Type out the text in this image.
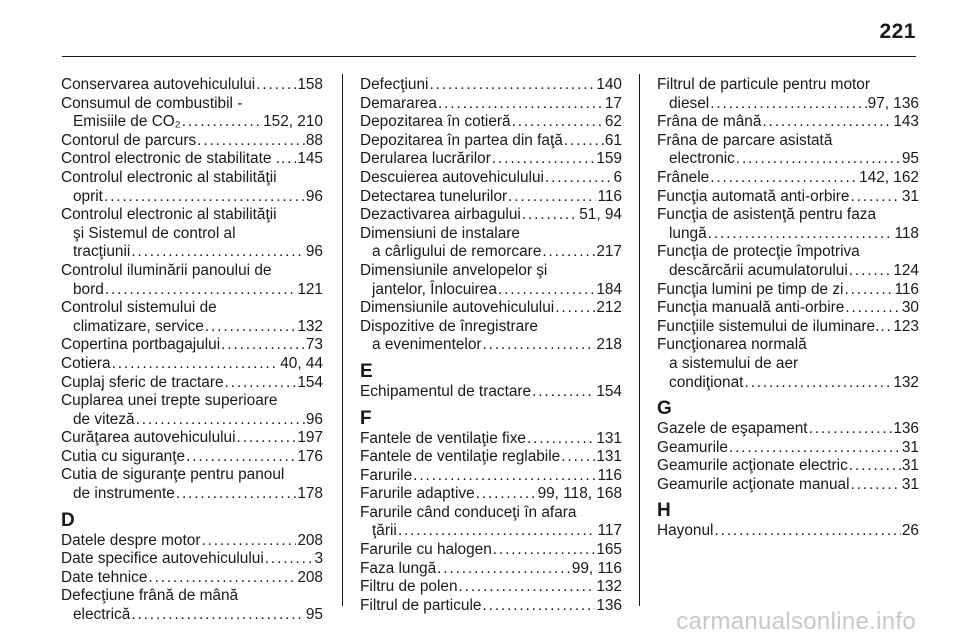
221
Conservarea autovehiculului . . .	158
Consumul de combustibil -
Emisiile de CO₂ . . .	152, 210
Contorul de parcurs . . .	88
Control electronic de stabilitate . . . . 145
Controlul electronic al stabilităţii
oprit . . .	96
Controlul electronic al stabilităţii
şi Sistemul de control al
tracţiunii . . .	96
Controlul iluminării panoului de
bord . . .	121
Controlul sistemului de
climatizare, service . . .	132
Copertina portbagajului . . .	73
Cotiera . . .	40, 44
Cuplaj sferic de tractare . . .	154
Cuplarea unei trepte superioare
de viteză . . .	96
Curăţarea autovehiculului . . .	197
Cutia cu siguranţe . . .	176
Cutia de siguranţe pentru panoul
de instrumente . . .	178
D
Datele despre motor . . .	208
Date specifice autovehiculului . . .	3
Date tehnice . . .	208
Defecţiune frână de mână
electrică . . .	95
Defecţiuni . . .	140
Demararea . . .	17
Depozitarea în cotieră . . .	62
Depozitarea în partea din faţă . . .	61
Derularea lucrărilor . . .	159
Descuierea autovehiculului . . .	6
Detectarea tunelurilor . . .	116
Dezactivarea airbagului . . .	51, 94
Dimensiuni de instalare
a cârligului de remorcare . . .	217
Dimensiunile anvelopelor şi
jantelor, Înlocuirea . . .	184
Dimensiunile autovehiculului . . .	212
Dispozitive de înregistrare
a evenimentelor . . .	218
E
Echipamentul de tractare . . .	154
F
Fantele de ventilaţie fixe . . .	131
Fantele de ventilaţie reglabile . . . 131
Farurile . . .	116
Farurile adaptive . . .	99, 118, 168
Farurile când conduceţi în afara
ţării . . .	117
Farurile cu halogen . . .	165
Faza lungă . . .	99, 116
Filtru de polen . . .	132
Filtrul de particule . . .	136
Filtrul de particule pentru motor
diesel . . .	97, 136
Frâna de mână . . .	143
Frâna de parcare asistată
electronic . . .	95
Frânele . . .	142, 162
Funcţia automată anti-orbire . . .	31
Funcţia de asistenţă pentru faza
lungă . . .	118
Funcţia de protecţie împotriva
descărcării acumulatorului . . .	124
Funcţia lumini pe timp de zi . . .	116
Funcţia manuală anti-orbire . . .	30
Funcţiile sistemului de iluminare. . . . 123
Funcţionarea normală
a sistemului de aer
condiţionat . . .	132
G
Gazele de eşapament . . .	136
Geamurile . . .	31
Geamurile acţionate electric . . .	31
Geamurile acţionate manual . . .	31
H
Hayonul . . .	26
carmanualsonline.info
